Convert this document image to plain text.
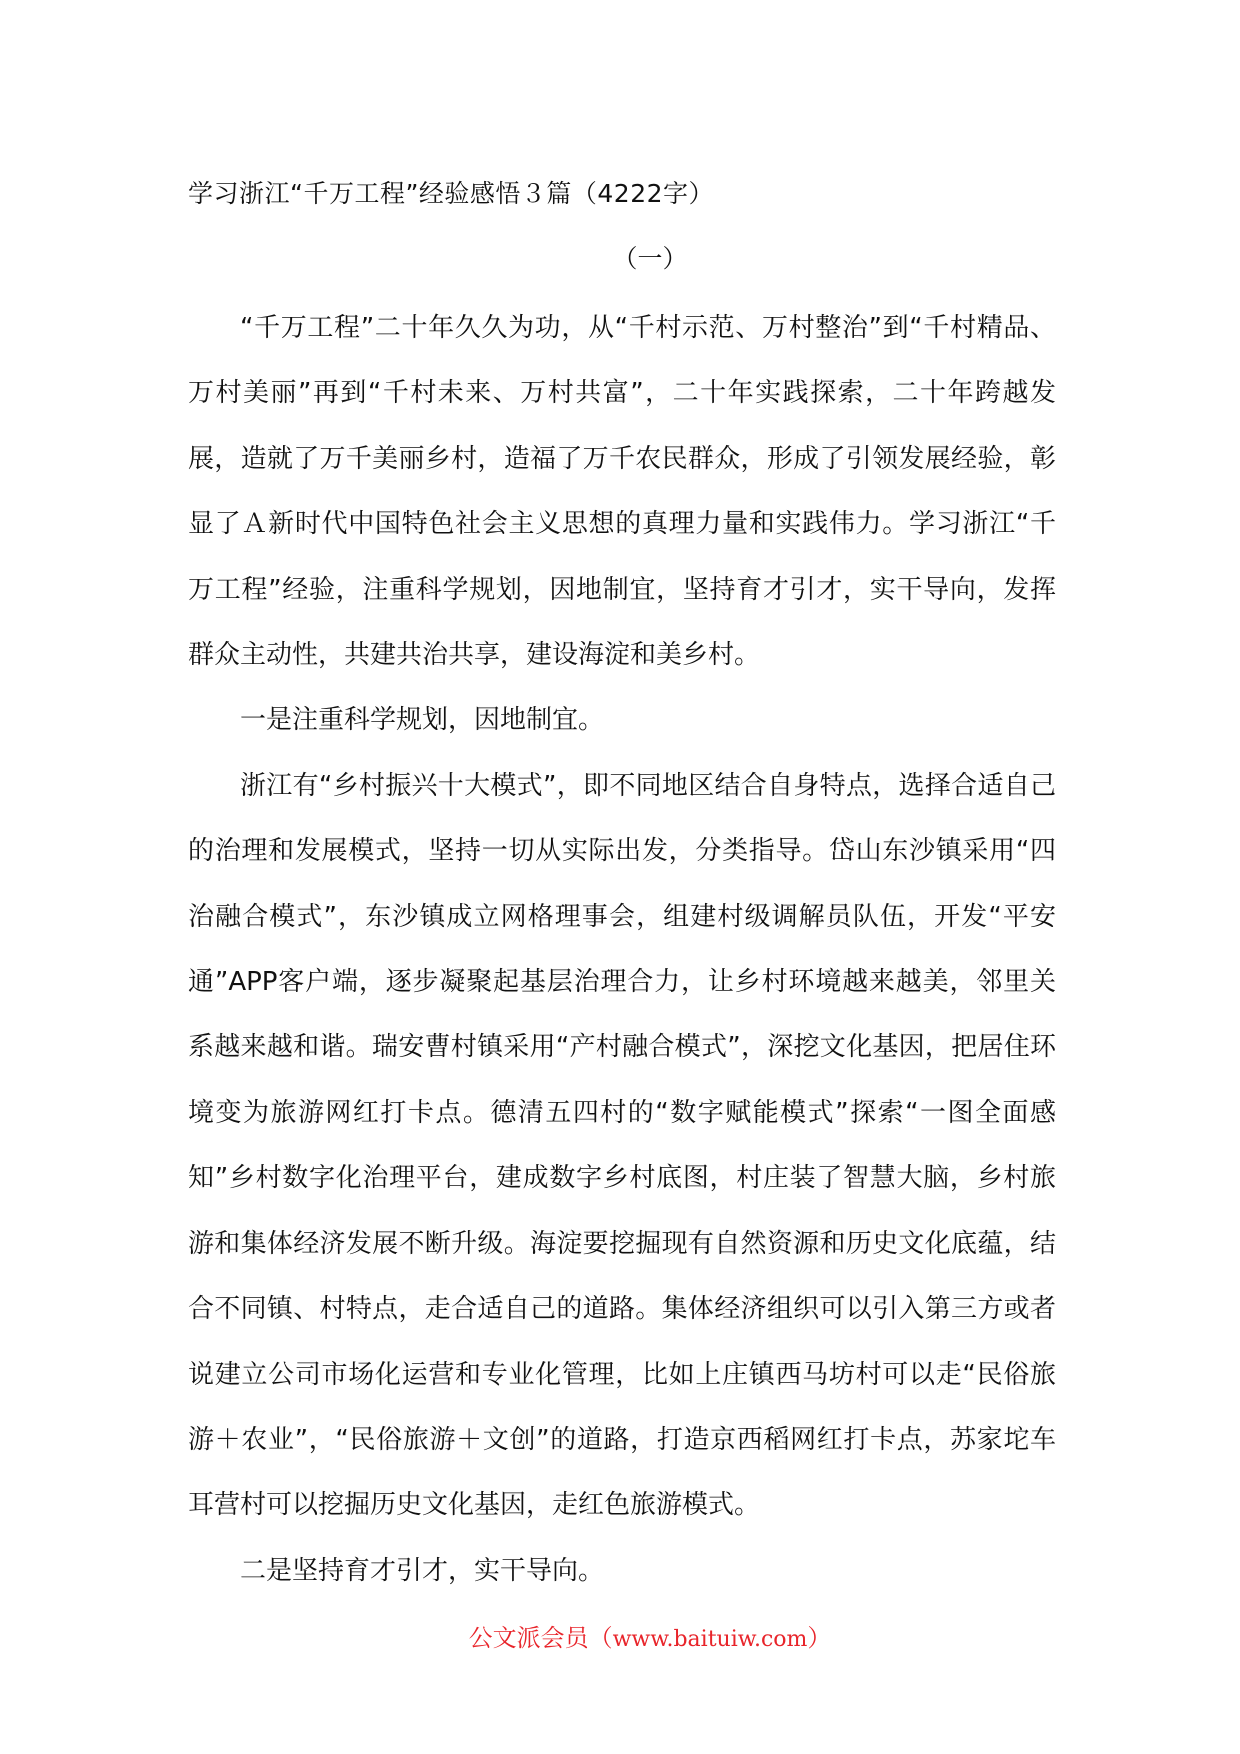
学习浙江“千万工程”经验感悟３篇（4222字）
（一）

“千万工程”二十年久久为功，从“千村示范、万村整治”到“千村精品、万村美丽”再到“千村未来、万村共富”，二十年实践探索，二十年跨越发展，造就了万千美丽乡村，造福了万千农民群众，形成了引领发展经验，彰显了Ａ新时代中国特色社会主义思想的真理力量和实践伟力。学习浙江“千万工程”经验，注重科学规划，因地制宜，坚持育才引才，实干导向，发挥群众主动性，共建共治共享，建设海淀和美乡村。

一是注重科学规划，因地制宜。

浙江有“乡村振兴十大模式”，即不同地区结合自身特点，选择合适自己的治理和发展模式，坚持一切从实际出发，分类指导。岱山东沙镇采用“四治融合模式”，东沙镇成立网格理事会，组建村级调解员队伍，开发“平安通”APP客户端，逐步凝聚起基层治理合力，让乡村环境越来越美，邻里关系越来越和谐。瑞安曹村镇采用“产村融合模式”，深挖文化基因，把居住环境变为旅游网红打卡点。德清五四村的“数字赋能模式”探索“一图全面感知”乡村数字化治理平台，建成数字乡村底图，村庄装了智慧大脑，乡村旅游和集体经济发展不断升级。海淀要挖掘现有自然资源和历史文化底蕴，结合不同镇、村特点，走合适自己的道路。集体经济组织可以引入第三方或者说建立公司市场化运营和专业化管理，比如上庄镇西马坊村可以走“民俗旅游＋农业”，“民俗旅游＋文创”的道路，打造京西稻网红打卡点，苏家坨车耳营村可以挖掘历史文化基因，走红色旅游模式。

二是坚持育才引才，实干导向。

公文派会员（www.baituiw.com）
